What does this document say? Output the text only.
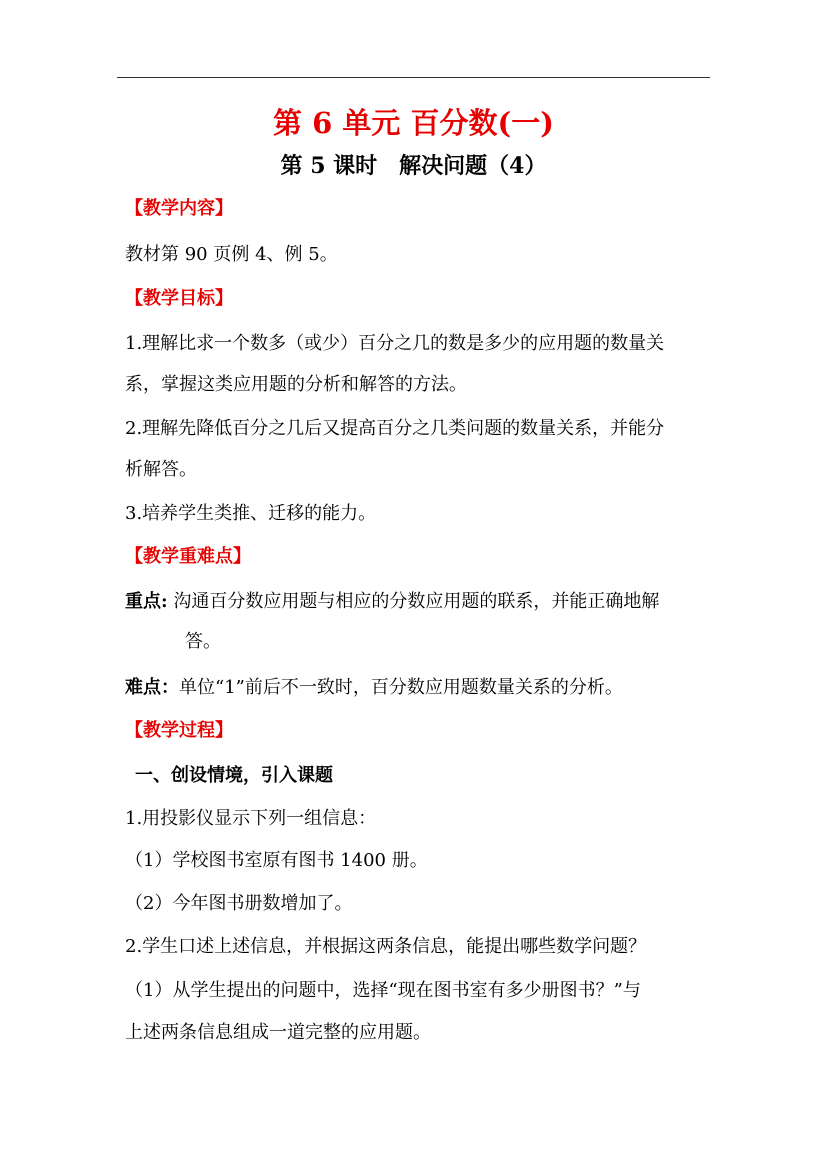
第 6 单元 百分数(一)
第 5 课时　解决问题（4）
【教学内容】
教材第 90 页例 4、例 5。
【教学目标】
1.理解比求一个数多（或少）百分之几的数是多少的应用题的数量关
系，掌握这类应用题的分析和解答的方法。
2.理解先降低百分之几后又提高百分之几类问题的数量关系，并能分
析解答。
3.培养学生类推、迁移的能力。
【教学重难点】
重点: 沟通百分数应用题与相应的分数应用题的联系，并能正确地解
答。
难点：单位“1”前后不一致时，百分数应用题数量关系的分析。
【教学过程】
一、创设情境，引入课题
1.用投影仪显示下列一组信息：
（1）学校图书室原有图书 1400 册。
（2）今年图书册数增加了。
2.学生口述上述信息，并根据这两条信息，能提出哪些数学问题？
（1）从学生提出的问题中，选择“现在图书室有多少册图书？”与
上述两条信息组成一道完整的应用题。
